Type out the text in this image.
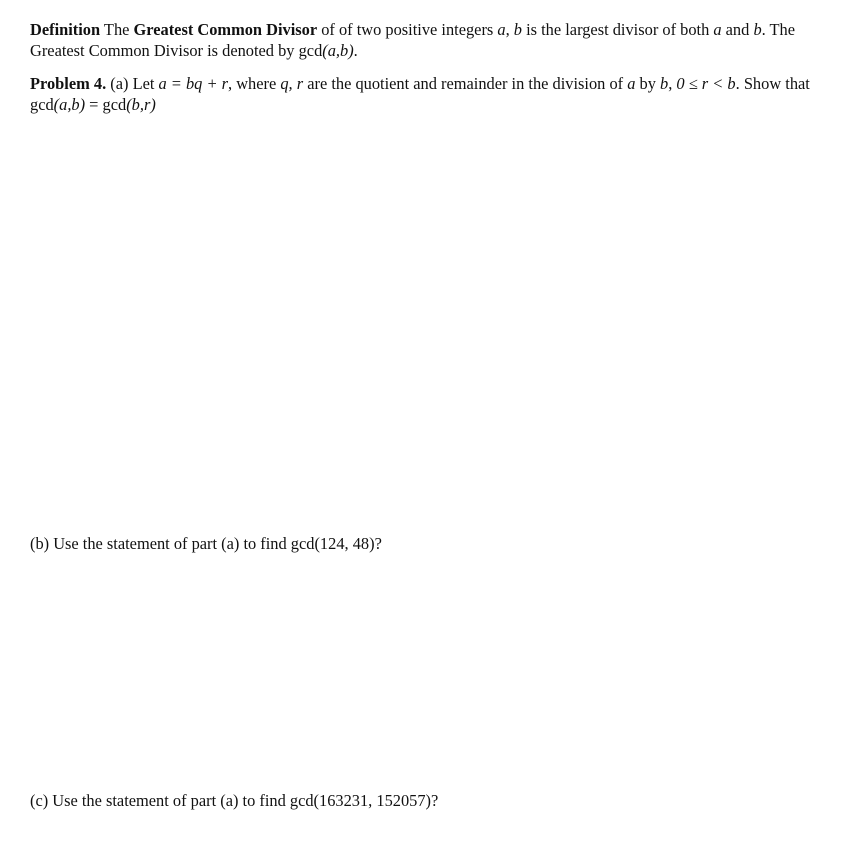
Definition The Greatest Common Divisor of of two positive integers a, b is the largest divisor of both a and b. The Greatest Common Divisor is denoted by gcd(a,b).

Problem 4. (a) Let a = bq + r, where q, r are the quotient and remainder in the division of a by b, 0 ≤ r < b. Show that gcd(a,b) = gcd(b,r)

(b) Use the statement of part (a) to find gcd(124, 48)?

(c) Use the statement of part (a) to find gcd(163231, 152057)?
